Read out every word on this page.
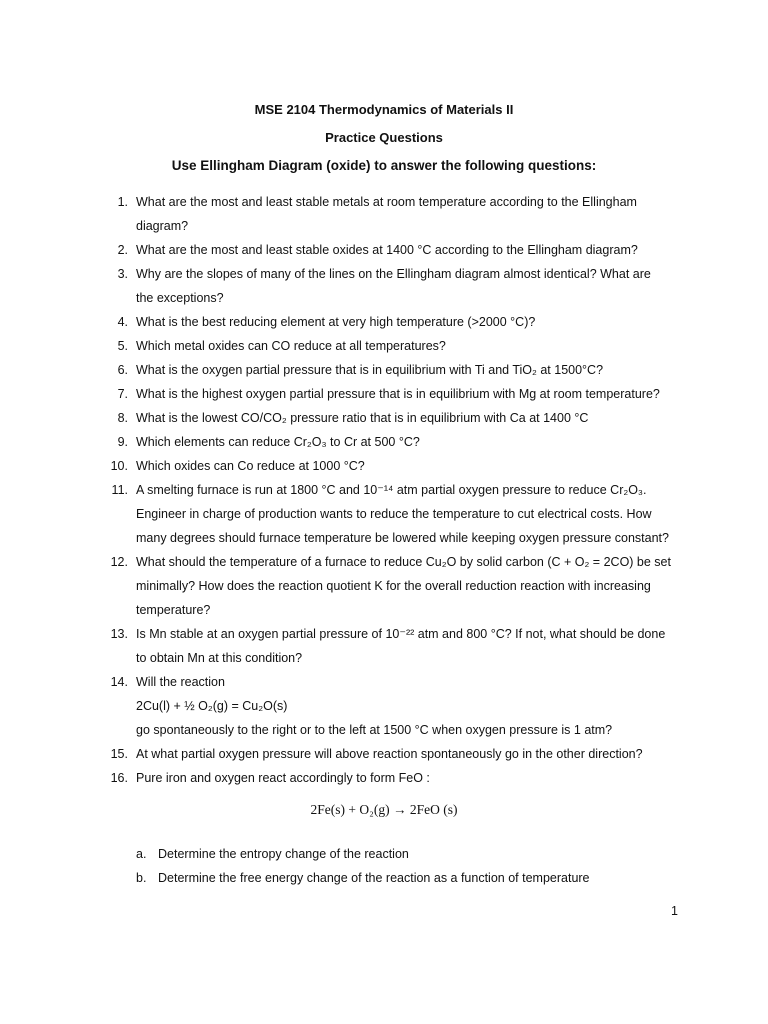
MSE 2104 Thermodynamics of Materials II
Practice Questions
Use Ellingham Diagram (oxide) to answer the following questions:
1. What are the most and least stable metals at room temperature according to the Ellingham
diagram?
2. What are the most and least stable oxides at 1400 °C according to the Ellingham diagram?
3. Why are the slopes of many of the lines on the Ellingham diagram almost identical? What are
the exceptions?
4. What is the best reducing element at very high temperature (>2000 °C)?
5. Which metal oxides can CO reduce at all temperatures?
6. What is the oxygen partial pressure that is in equilibrium with Ti and TiO₂ at 1500°C?
7. What is the highest oxygen partial pressure that is in equilibrium with Mg at room temperature?
8. What is the lowest CO/CO₂ pressure ratio that is in equilibrium with Ca at 1400 °C
9. Which elements can reduce Cr₂O₃ to Cr at 500 °C?
10. Which oxides can Co reduce at 1000 °C?
11. A smelting furnace is run at 1800 °C and 10⁻¹⁴ atm partial oxygen pressure to reduce Cr₂O₃.
Engineer in charge of production wants to reduce the temperature to cut electrical costs. How
many degrees should furnace temperature be lowered while keeping oxygen pressure constant?
12. What should the temperature of a furnace to reduce Cu₂O by solid carbon (C + O₂ = 2CO) be set
minimally? How does the reaction quotient K for the overall reduction reaction with increasing
temperature?
13. Is Mn stable at an oxygen partial pressure of 10⁻²² atm and 800 °C? If not, what should be done
to obtain Mn at this condition?
14. Will the reaction
2Cu(l) + ½ O₂(g) = Cu₂O(s)
go spontaneously to the right or to the left at 1500 °C when oxygen pressure is 1 atm?
15. At what partial oxygen pressure will above reaction spontaneously go in the other direction?
16. Pure iron and oxygen react accordingly to form FeO :
2Fe(s) + O₂(g) → 2FeO (s)
a. Determine the entropy change of the reaction
b. Determine the free energy change of the reaction as a function of temperature
1
